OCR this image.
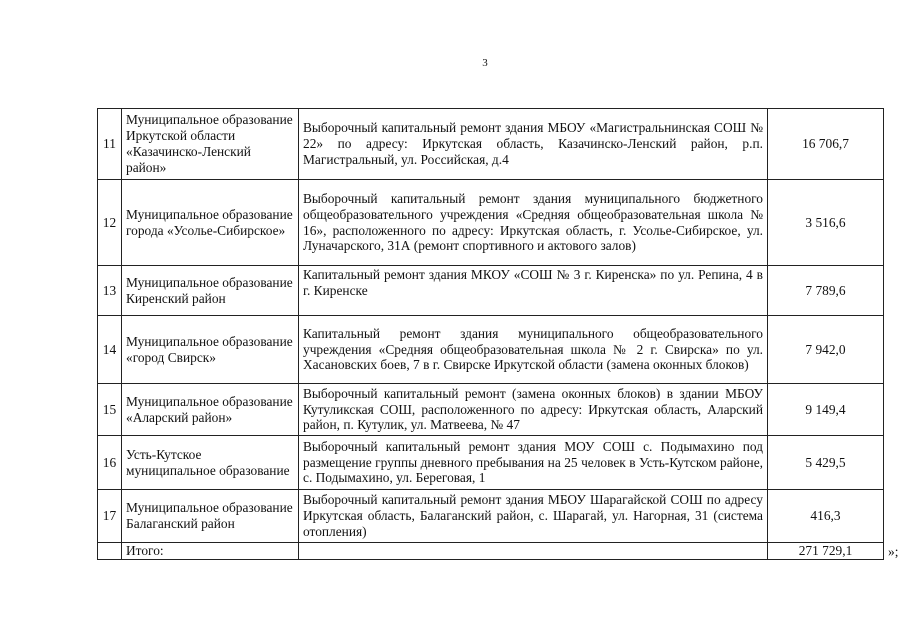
3
11	Муниципальное образование Иркутской области «Казачинско-Ленский район»	Выборочный капитальный ремонт здания МБОУ «Магистральнинская СОШ № 22» по адресу: Иркутская область, Казачинско-Ленский район, р.п. Магистральный, ул. Российская, д.4	16 706,7
12	Муниципальное образование города «Усолье-Сибирское»	Выборочный капитальный ремонт здания муниципального бюджетного общеобразовательного учреждения «Средняя общеобразовательная школа № 16», расположенного по адресу: Иркутская область, г. Усолье-Сибирское, ул. Луначарского, 31А (ремонт спортивного и актового залов)	3 516,6
13	Муниципальное образование Киренский район	Капитальный ремонт здания МКОУ «СОШ № 3 г. Киренска» по ул. Репина, 4 в г. Киренске	7 789,6
14	Муниципальное образование «город Свирск»	Капитальный ремонт здания муниципального общеобразовательного учреждения «Средняя общеобразовательная школа № 2 г. Свирска» по ул. Хасановских боев, 7 в г. Свирске Иркутской области (замена оконных блоков)	7 942,0
15	Муниципальное образование «Аларский район»	Выборочный капитальный ремонт (замена оконных блоков) в здании МБОУ Кутуликская СОШ, расположенного по адресу: Иркутская область, Аларский район, п. Кутулик, ул. Матвеева, № 47	9 149,4
16	Усть-Кутское муниципальное образование	Выборочный капитальный ремонт здания МОУ СОШ с. Подымахино под размещение группы дневного пребывания на 25 человек в Усть-Кутском районе, с. Подымахино, ул. Береговая, 1	5 429,5
17	Муниципальное образование Балаганский район	Выборочный капитальный ремонт здания МБОУ Шарагайской СОШ по адресу Иркутская область, Балаганский район, с. Шарагай, ул. Нагорная, 31 (система отопления)	416,3
	Итого:		271 729,1	»;
